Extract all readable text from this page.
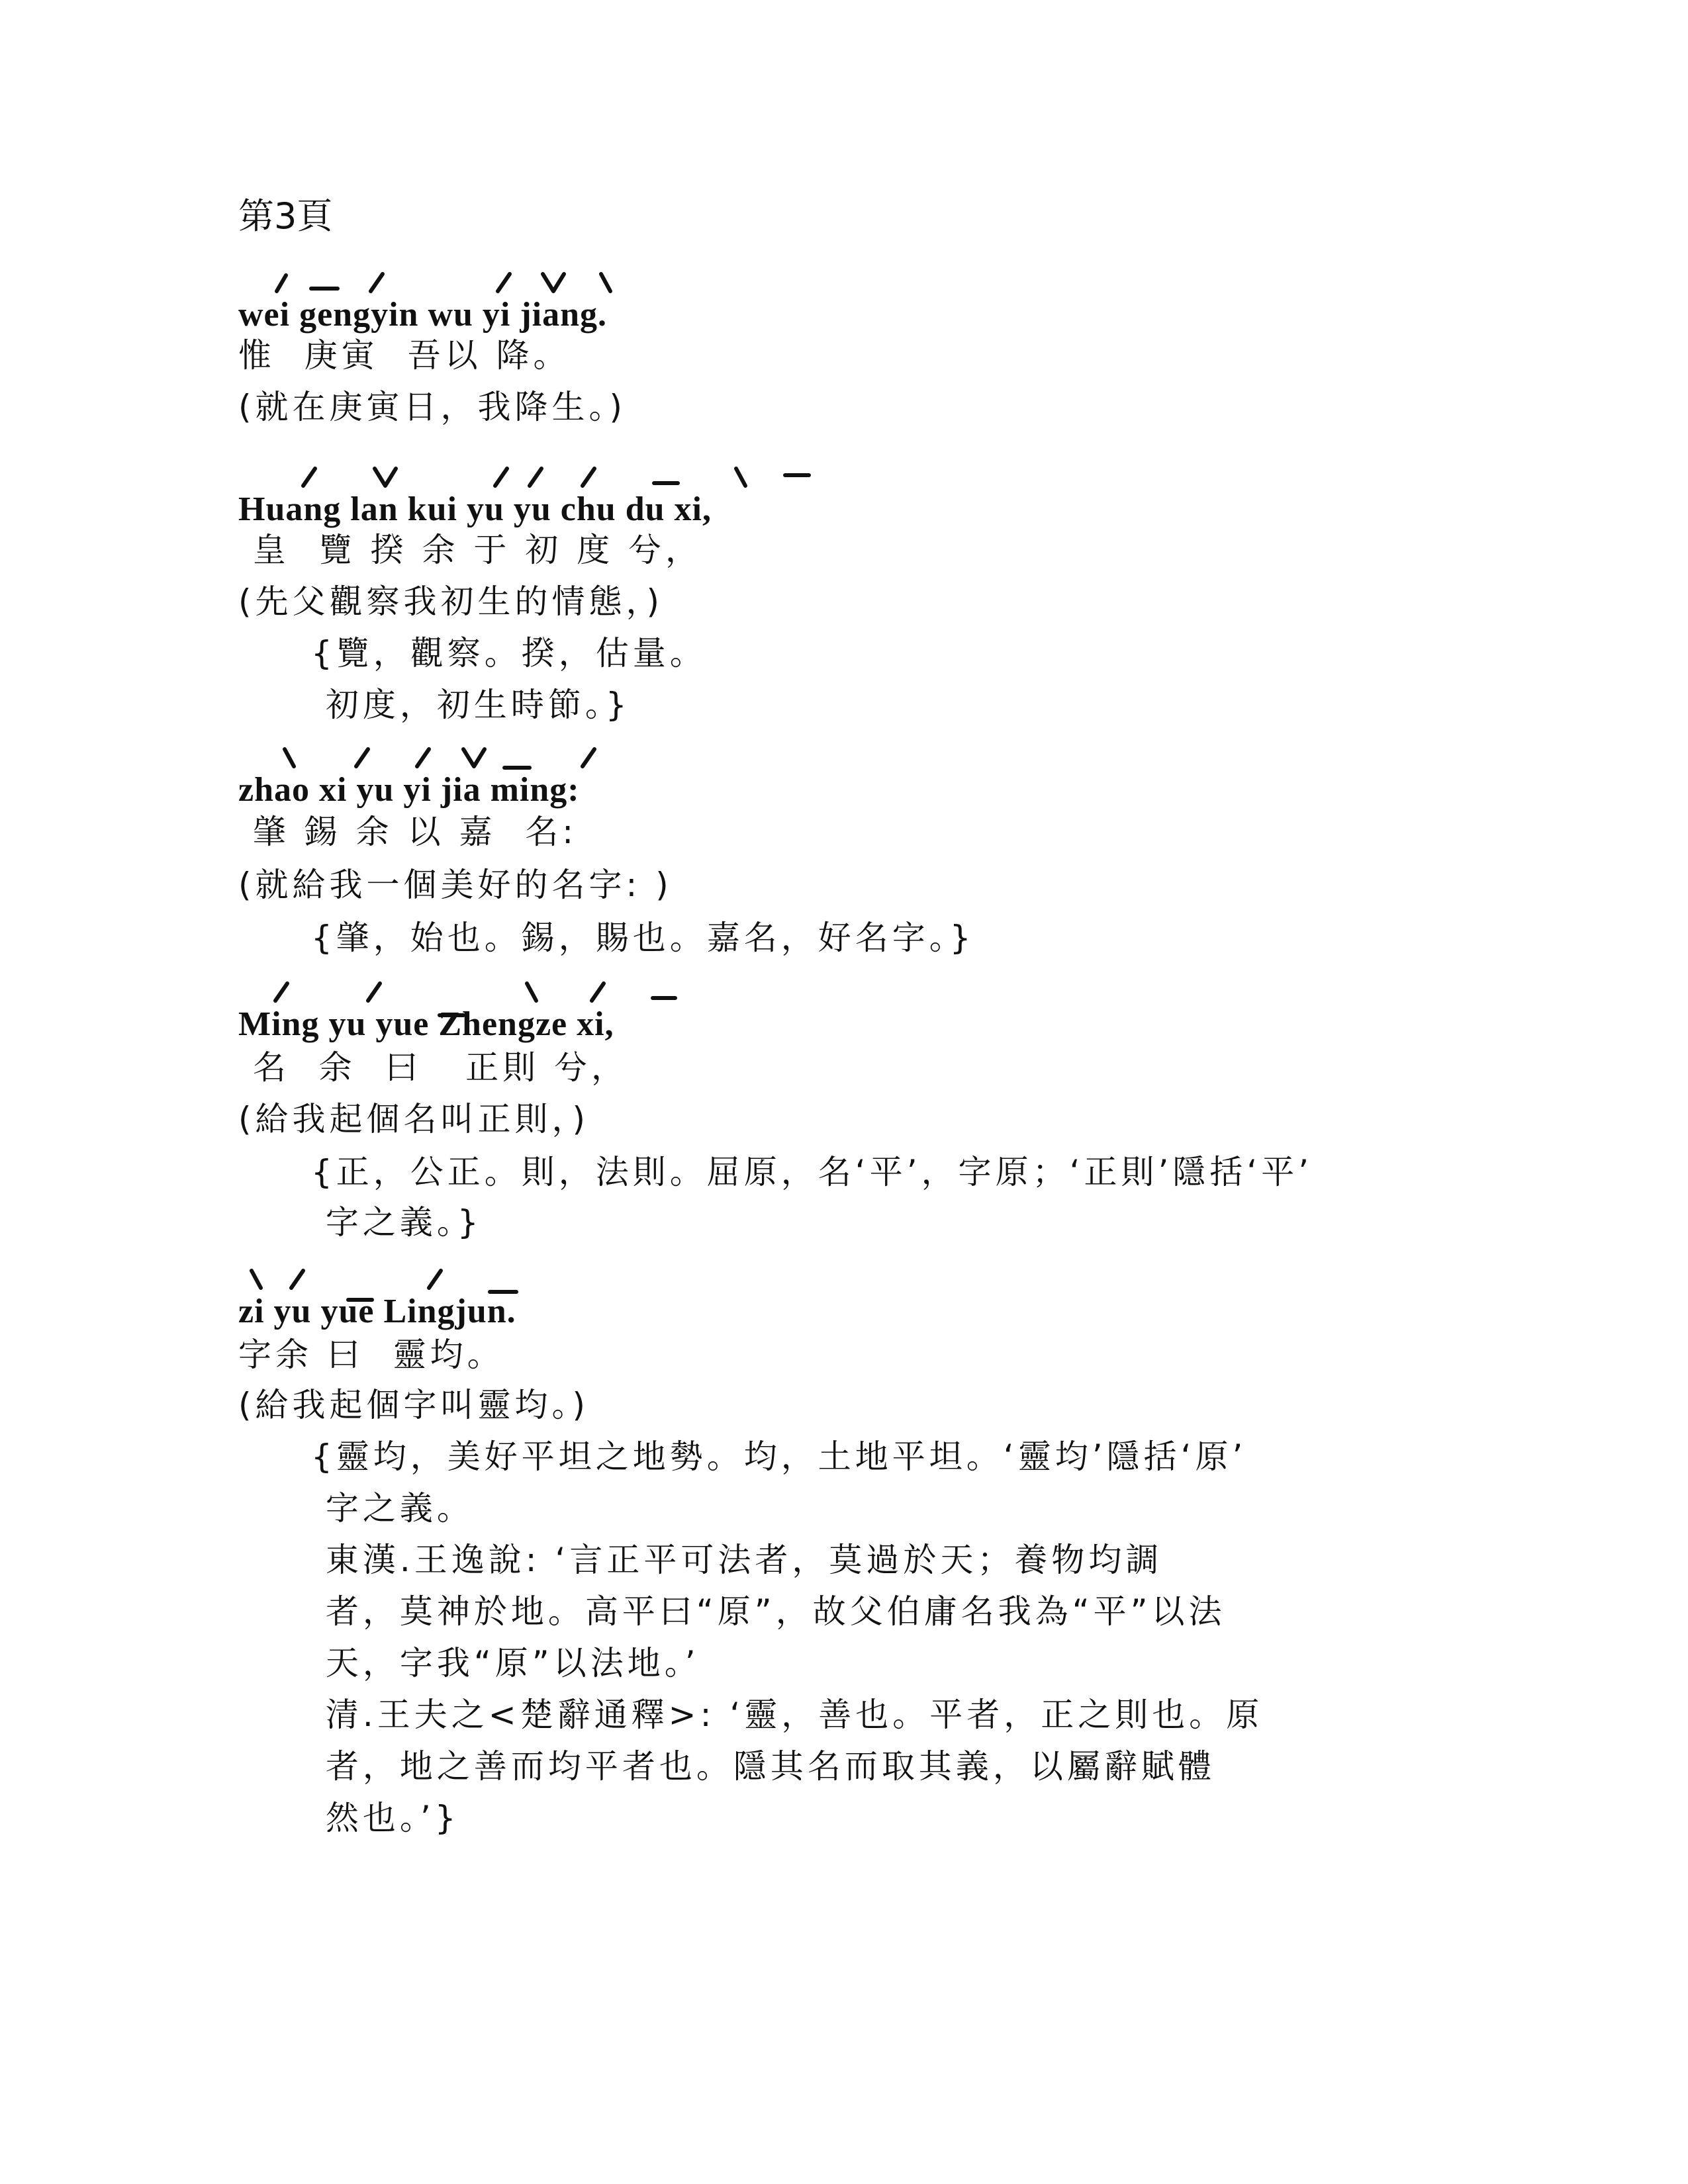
第3頁
wei gengyin wu yi jiang.
惟  庚寅  吾以 降。
(就在庚寅日，我降生。)
Huang lan kui yu yu chu du xi,
皇  覽 揆 余 于 初 度 兮，
(先父觀察我初生的情態，)
{覽，觀察。揆，估量。
初度，初生時節。}
zhao xi yu yi jia ming:
肇 錫 余 以 嘉  名:
(就給我一個美好的名字: )
{肇，始也。錫，賜也。嘉名，好名字。}
Ming yu yue Zhengze xi,
名  余  曰   正則 兮，
(給我起個名叫正則，)
{正，公正。則，法則。屈原，名‘平’，字原；‘正則’隱括‘平’
字之義。}
zi yu yue Lingjun.
字余 曰  靈均。
(給我起個字叫靈均。)
{靈均，美好平坦之地勢。均，土地平坦。‘靈均’隱括‘原’
字之義。
東漢.王逸說: ‘言正平可法者，莫過於天；養物均調
者，莫神於地。高平曰“原”，故父伯庸名我為“平”以法
天，字我“原”以法地。’
清.王夫之<楚辭通釋>: ‘靈，善也。平者，正之則也。原
者，地之善而均平者也。隱其名而取其義，以屬辭賦體
然也。’}
